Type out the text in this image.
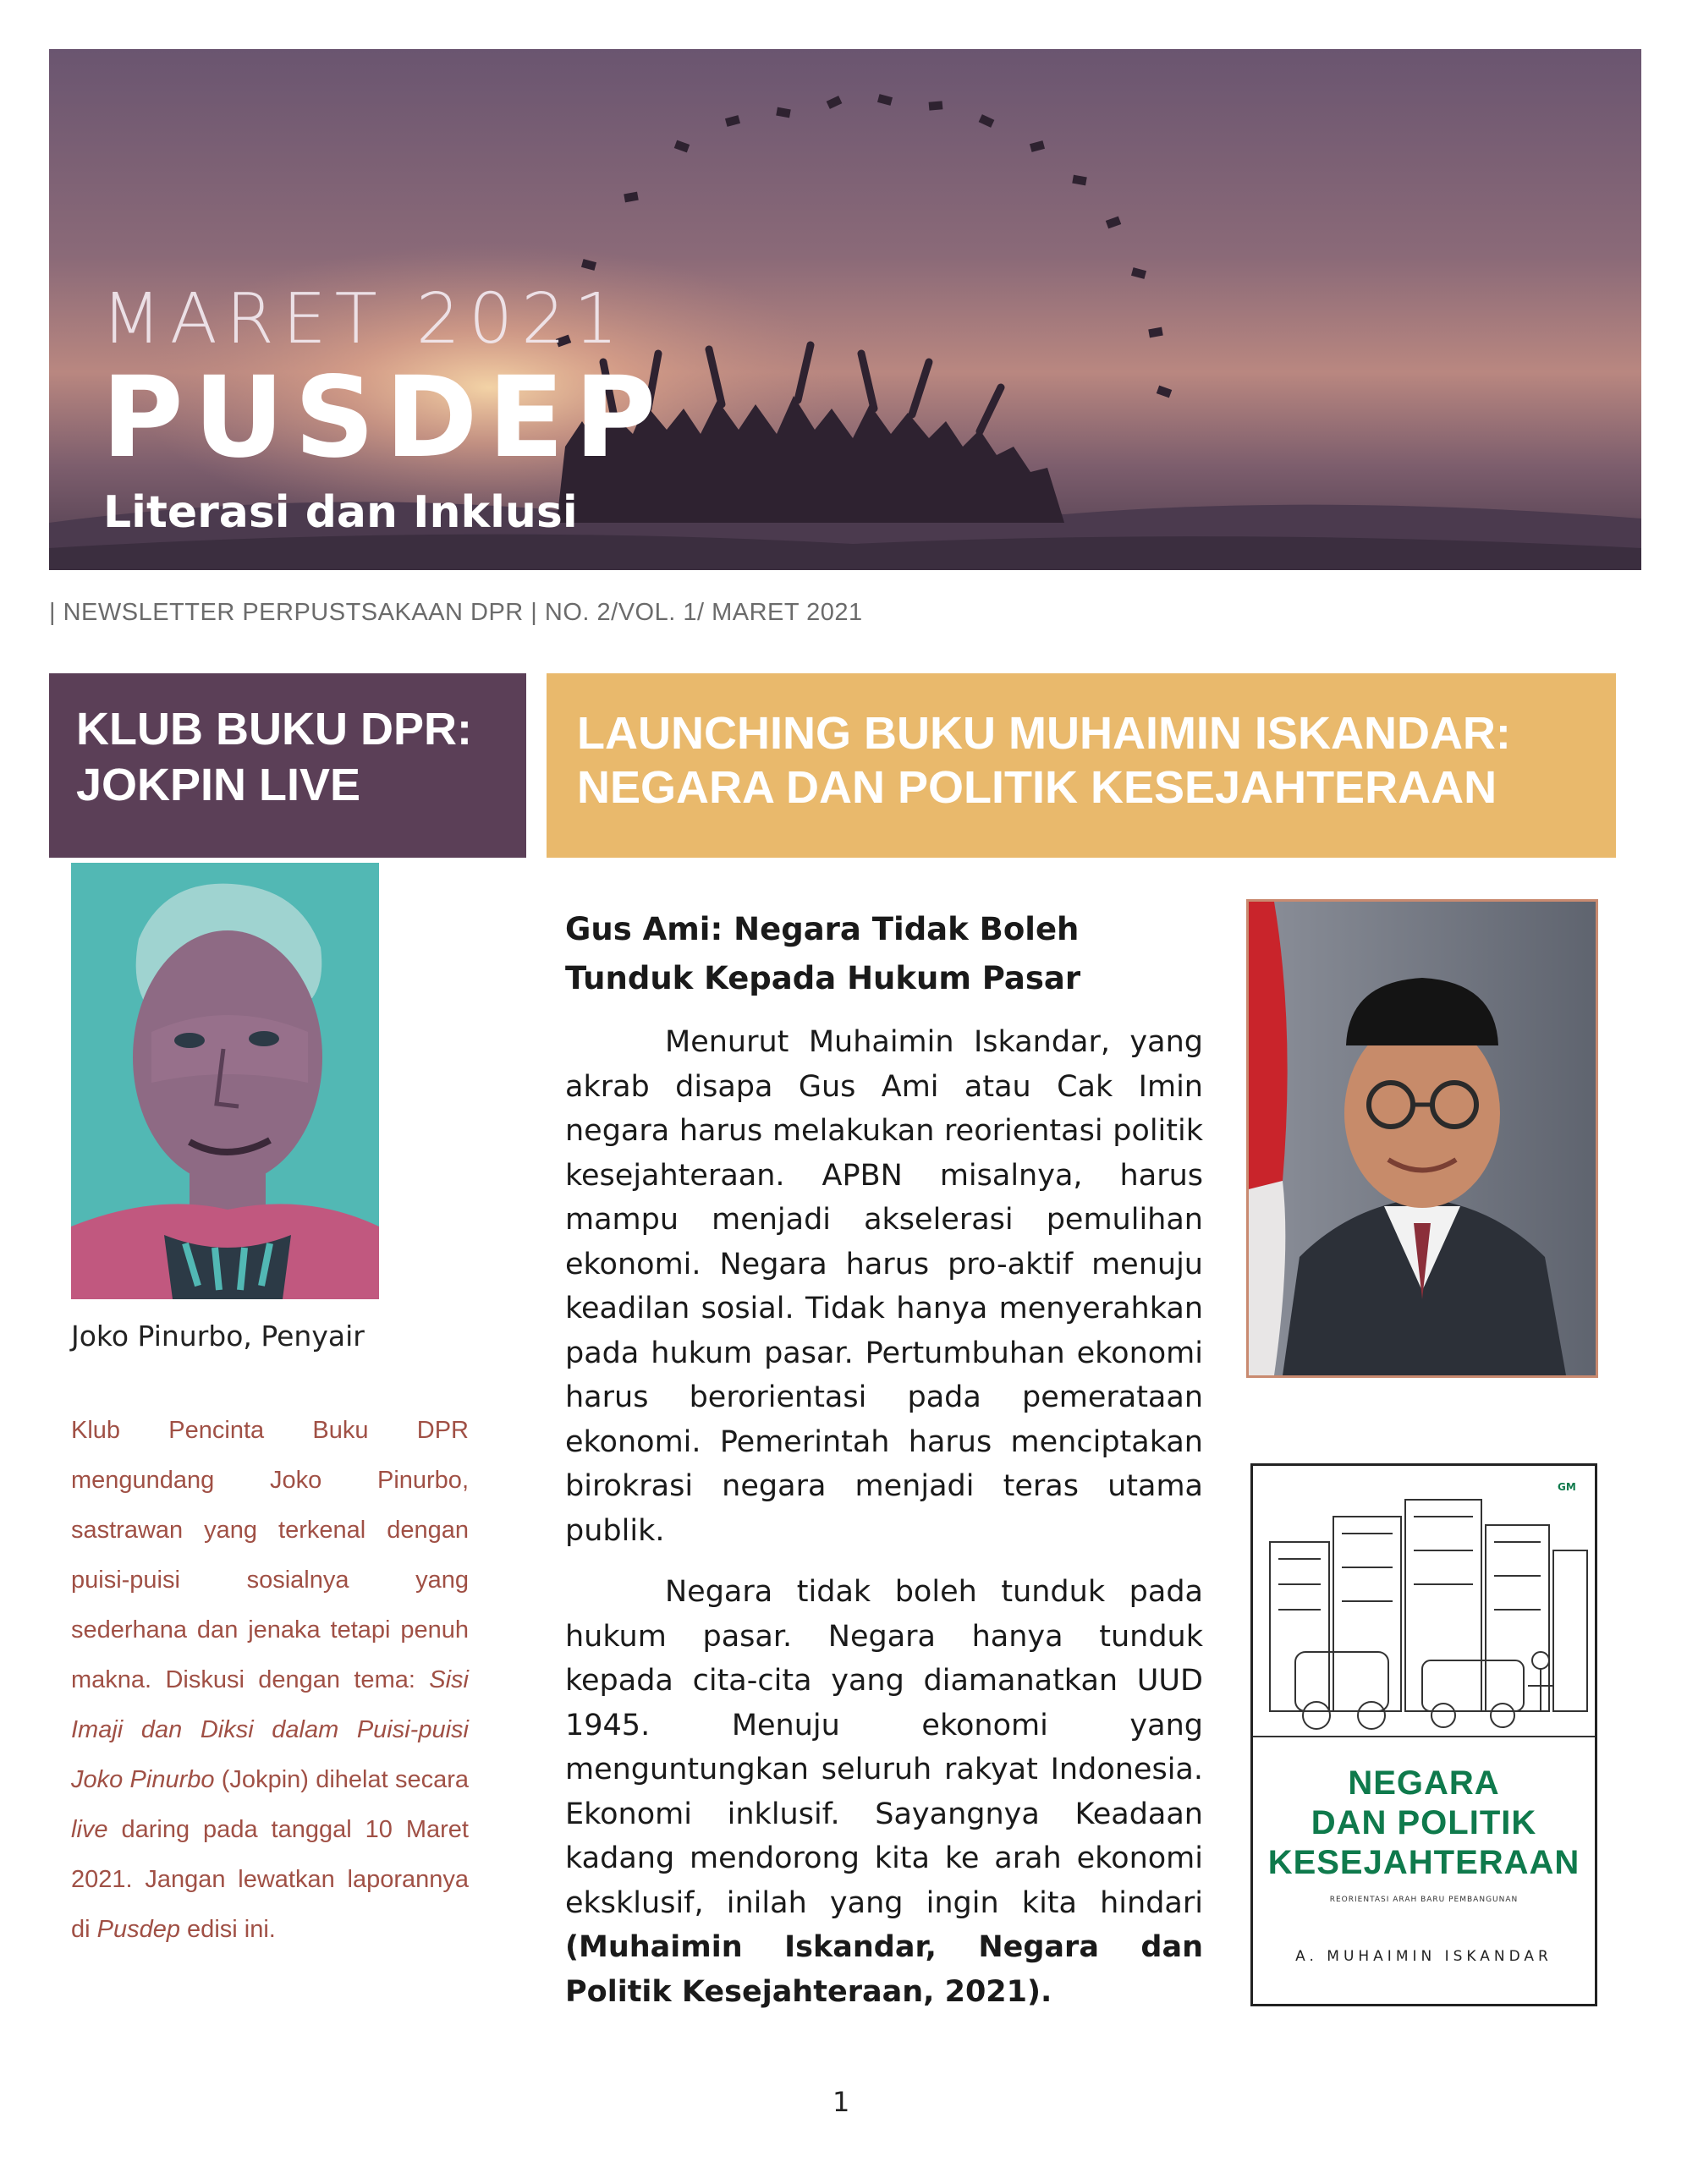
MARET 2021
PUSDEP
Literasi dan Inklusi
| NEWSLETTER PERPUSTSAKAAN DPR | NO. 2/VOL. 1/ MARET 2021
KLUB BUKU DPR:
JOKPIN LIVE
LAUNCHING BUKU MUHAIMIN ISKANDAR:
NEGARA DAN POLITIK KESEJAHTERAAN
Joko Pinurbo, Penyair
Klub Pencinta Buku DPR mengundang Joko Pinurbo, sastrawan yang terkenal dengan puisi-puisi sosialnya yang sederhana dan jenaka tetapi penuh makna. Diskusi dengan tema: Sisi Imaji dan Diksi dalam Puisi-puisi Joko Pinurbo (Jokpin) dihelat secara live daring pada tanggal 10 Maret 2021. Jangan lewatkan laporannya di Pusdep edisi ini.
Gus Ami: Negara Tidak Boleh
Tunduk Kepada Hukum Pasar

Menurut Muhaimin Iskandar, yang akrab disapa Gus Ami atau Cak Imin negara harus melakukan reorientasi politik kesejahteraan. APBN misalnya, harus mampu menjadi akselerasi pemulihan ekonomi. Negara harus pro-aktif menuju keadilan sosial. Tidak hanya menyerahkan pada hukum pasar. Pertumbuhan ekonomi harus berorientasi pada pemerataan ekonomi. Pemerintah harus menciptakan birokrasi negara menjadi teras utama publik.

Negara tidak boleh tunduk pada hukum pasar. Negara hanya tunduk kepada cita-cita yang diamanatkan UUD 1945. Menuju ekonomi yang menguntungkan seluruh rakyat Indonesia. Ekonomi inklusif. Sayangnya Keadaan kadang mendorong kita ke arah ekonomi eksklusif, inilah yang ingin kita hindari (Muhaimin Iskandar, Negara dan Politik Kesejahteraan, 2021).

GM
NEGARA
DAN POLITIK
KESEJAHTERAAN
REORIENTASI ARAH BARU PEMBANGUNAN
A. MUHAIMIN ISKANDAR
1
